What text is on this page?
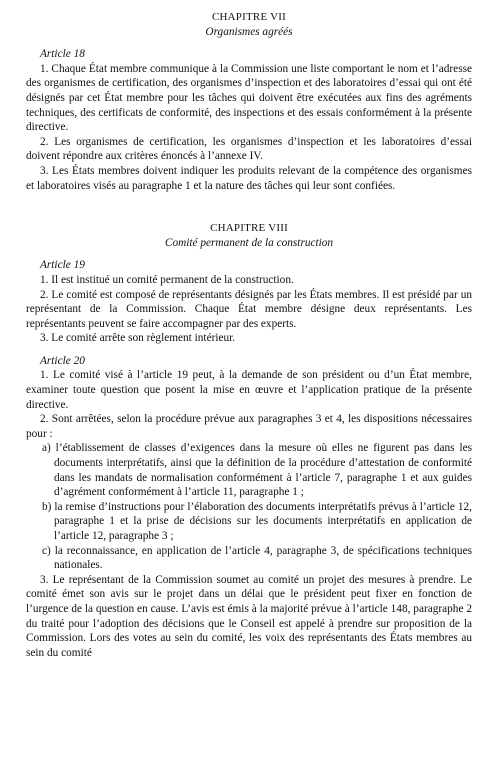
CHAPITRE VII
Organismes agréés
Article 18

1. Chaque État membre communique à la Commission une liste comportant le nom et l’adresse des organismes de certification, des organismes d’inspection et des laboratoires d’essai qui ont été désignés par cet État membre pour les tâches qui doivent être exécutées aux fins des agréments techniques, des certificats de conformité, des inspections et des essais conformément à la présente directive.

2. Les organismes de certification, les organismes d’inspection et les laboratoires d’essai doivent répondre aux critères énoncés à l’annexe IV.

3. Les États membres doivent indiquer les produits relevant de la compétence des organismes et laboratoires visés au paragraphe 1 et la nature des tâches qui leur sont confiées.

CHAPITRE VIII
Comité permanent de la construction
Article 19

1. Il est institué un comité permanent de la construction.

2. Le comité est composé de représentants désignés par les États membres. Il est présidé par un représentant de la Commission. Chaque État membre désigne deux représentants. Les représentants peuvent se faire accompagner par des experts.

3. Le comité arrête son règlement intérieur.

Article 20

1. Le comité visé à l’article 19 peut, à la demande de son président ou d’un État membre, examiner toute question que posent la mise en œuvre et l’application pratique de la présente directive.

2. Sont arrêtées, selon la procédure prévue aux paragraphes 3 et 4, les dispositions nécessaires pour :

a) l’établissement de classes d’exigences dans la mesure où elles ne figurent pas dans les documents interprétatifs, ainsi que la définition de la procédure d’attestation de conformité dans les mandats de normalisation conformément à l’article 7, paragraphe 1 et aux guides d’agrément conformément à l’article 11, paragraphe 1 ;

b) la remise d’instructions pour l’élaboration des documents interprétatifs prévus à l’article 12, paragraphe 1 et la prise de décisions sur les documents interprétatifs en application de l’article 12, paragraphe 3 ;

c) la reconnaissance, en application de l’article 4, paragraphe 3, de spécifications techniques nationales.

3. Le représentant de la Commission soumet au comité un projet des mesures à prendre. Le comité émet son avis sur le projet dans un délai que le président peut fixer en fonction de l’urgence de la question en cause. L’avis est émis à la majorité prévue à l’article 148, paragraphe 2 du traité pour l’adoption des décisions que le Conseil est appelé à prendre sur proposition de la Commission. Lors des votes au sein du comité, les voix des représentants des États membres au sein du comité
